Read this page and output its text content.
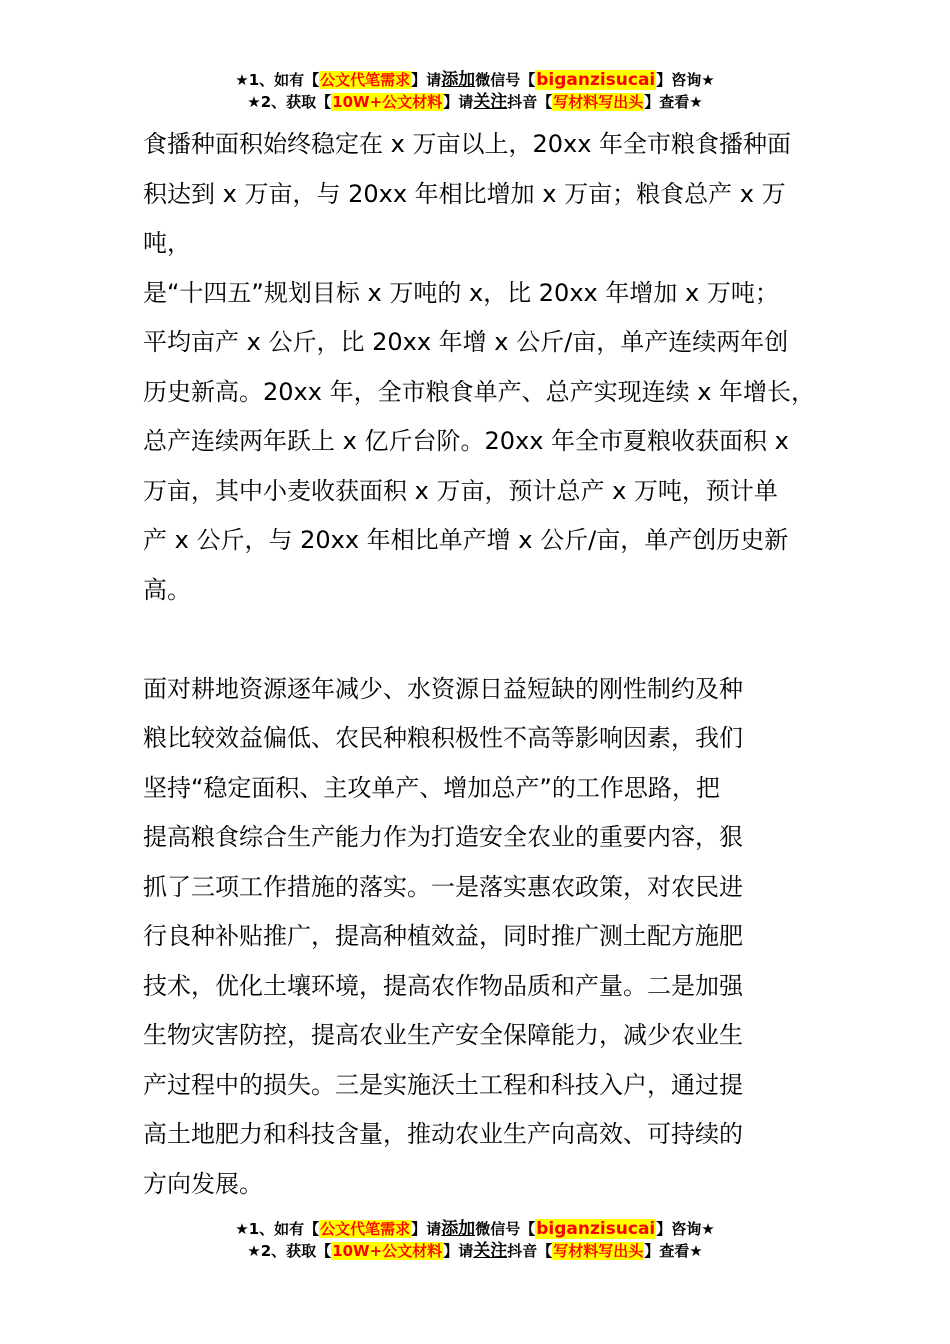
★1、如有【公文代笔需求】请添加微信号【biganzisucai】咨询★
★2、获取【10W+公文材料】请关注抖音【写材料写出头】查看★
食播种面积始终稳定在 x 万亩以上，20xx 年全市粮食播种面
积达到 x 万亩，与 20xx 年相比增加 x 万亩；粮食总产 x 万吨，
是“十四五”规划目标 x 万吨的 x，比 20xx 年增加 x 万吨；
平均亩产 x 公斤，比 20xx 年增 x 公斤/亩，单产连续两年创
历史新高。20xx 年，全市粮食单产、总产实现连续 x 年增长，
总产连续两年跃上 x 亿斤台阶。20xx 年全市夏粮收获面积 x
万亩，其中小麦收获面积 x 万亩，预计总产 x 万吨，预计单
产 x 公斤，与 20xx 年相比单产增 x 公斤/亩，单产创历史新
高。
面对耕地资源逐年减少、水资源日益短缺的刚性制约及种
粮比较效益偏低、农民种粮积极性不高等影响因素，我们
坚持“稳定面积、主攻单产、增加总产”的工作思路，把
提高粮食综合生产能力作为打造安全农业的重要内容，狠
抓了三项工作措施的落实。一是落实惠农政策，对农民进
行良种补贴推广，提高种植效益，同时推广测土配方施肥
技术，优化土壤环境，提高农作物品质和产量。二是加强
生物灾害防控，提高农业生产安全保障能力，减少农业生
产过程中的损失。三是实施沃土工程和科技入户，通过提
高土地肥力和科技含量，推动农业生产向高效、可持续的
方向发展。
★1、如有【公文代笔需求】请添加微信号【biganzisucai】咨询★
★2、获取【10W+公文材料】请关注抖音【写材料写出头】查看★
